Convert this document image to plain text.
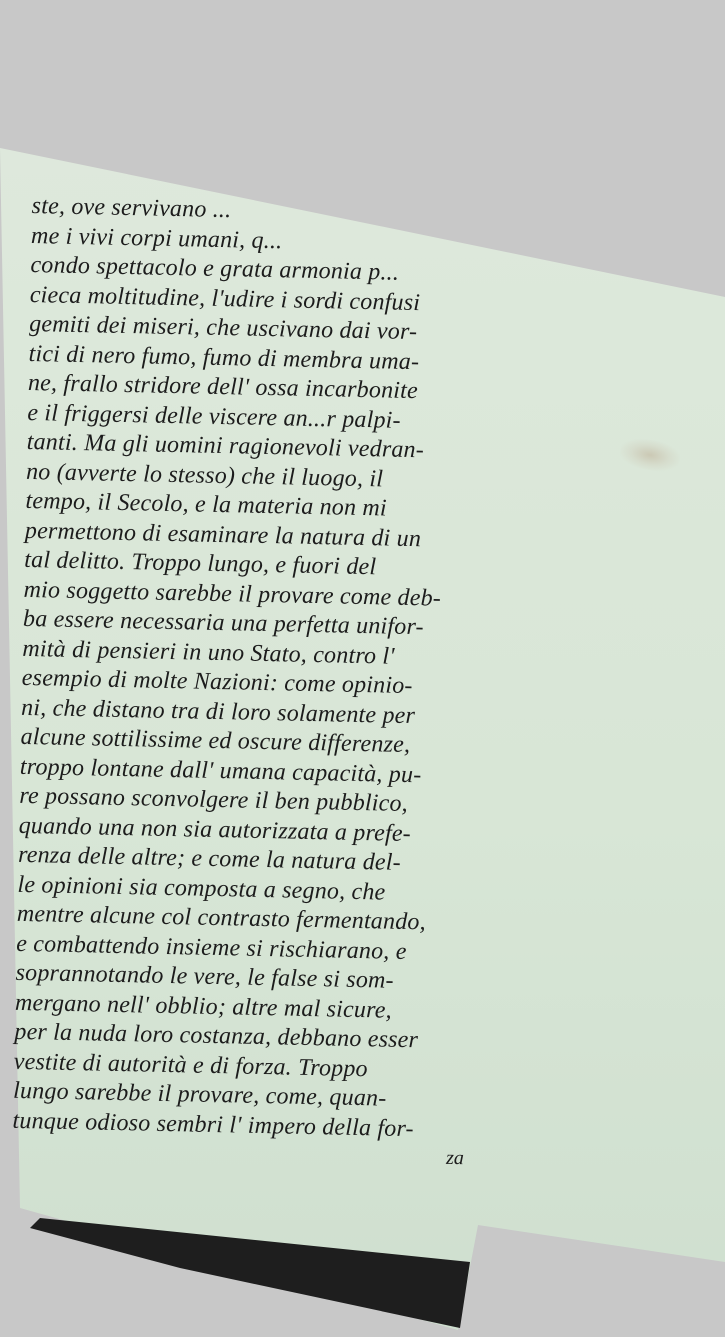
ste, ove servivano ...
me i vivi corpi umani, q...
condo spettacolo e grata armonia p...
cieca moltitudine, l'udire i sordi confusi
gemiti dei miseri, che uscivano dai vor-
tici di nero fumo, fumo di membra uma-
ne, frallo stridore dell' ossa incarbonite
e il friggersi delle viscere an...r palpi-
tanti. Ma gli uomini ragionevoli vedran-
no (avverte lo stesso) che il luogo, il
tempo, il Secolo, e la materia non mi
permettono di esaminare la natura di un
tal delitto. Troppo lungo, e fuori del
mio soggetto sarebbe il provare come deb-
ba essere necessaria una perfetta unifor-
mità di pensieri in uno Stato, contro l'
esempio di molte Nazioni: come opinio-
ni, che distano tra di loro solamente per
alcune sottilissime ed oscure differenze,
troppo lontane dall' umana capacità, pu-
re possano sconvolgere il ben pubblico,
quando una non sia autorizzata a prefe-
renza delle altre; e come la natura del-
le opinioni sia composta a segno, che
mentre alcune col contrasto fermentando,
e combattendo insieme si rischiarano, e
soprannotando le vere, le false si som-
mergano nell' obblio; altre mal sicure,
per la nuda loro costanza, debbano esser
vestite di autorità e di forza. Troppo
lungo sarebbe il provare, come, quan-
tunque odioso sembri l' impero della for-
za
